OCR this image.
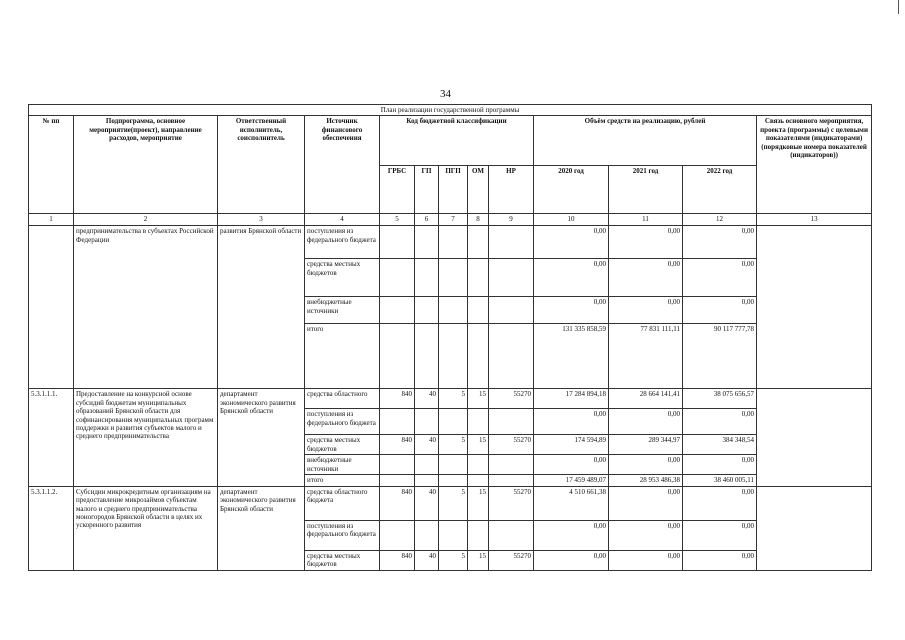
34
План реализации государственной программы												
№ пп	Подпрограмма, основное мероприятие(проект), направление расходов, мероприятие	Ответственный исполнитель, соисполнитель	Источник финансового обеспечения	Код бюджетной классификации					Объём средств на реализацию, рублей			Связь основного мероприятия, проекта (программы) с целевыми показателями (индикаторами) (порядковые номера показателей (индикаторов))
				ГРБС	ГП	ПГП	ОМ	НР	2020 год	2021 год	2022 год	
1	2	3	4	5	6	7	8	9	10	11	12	13
	предпринимательства в субъектах Российской Федерации	развития Брянской области	поступления из федерального бюджета						0,00	0,00	0,00	
			средства местных бюджетов						0,00	0,00	0,00	
			внебюджетные источники						0,00	0,00	0,00	
			итого						131 335 858,59	77 831 111,11	90 117 777,78	
5.3.1.1.1.	Предоставление на конкурсной основе субсидий бюджетам муниципальных образований Брянской области для софинансирования муниципальных программ поддержки и развития субъектов малого и среднего предпринимательства	департамент экономического развития Брянской области	средства областного	840	40	5	15	55270	17 284 894,18	28 664 141,41	38 075 656,57	
			поступления из федерального бюджета						0,00	0,00	0,00	
			средства местных бюджетов	840	40	5	15	55270	174 594,89	289 344,97	384 348,54	
			внебюджетные источники						0,00	0,00	0,00	
			итого						17 459 489,07	28 953 486,38	38 460 005,11	
5.3.1.1.2.	Субсидии микрокредитным организациям на предоставление микрозаймов субъектам малого и среднего предпринимательства моногородов Брянской области в целях их ускоренного развития	департамент экономического развития Брянской области	средства областного бюджета	840	40	5	15	55270	4 510 661,38	0,00	0,00	
			поступления из федерального бюджета						0,00	0,00	0,00	
			средства местных бюджетов	840	40	5	15	55270	0,00	0,00	0,00	
